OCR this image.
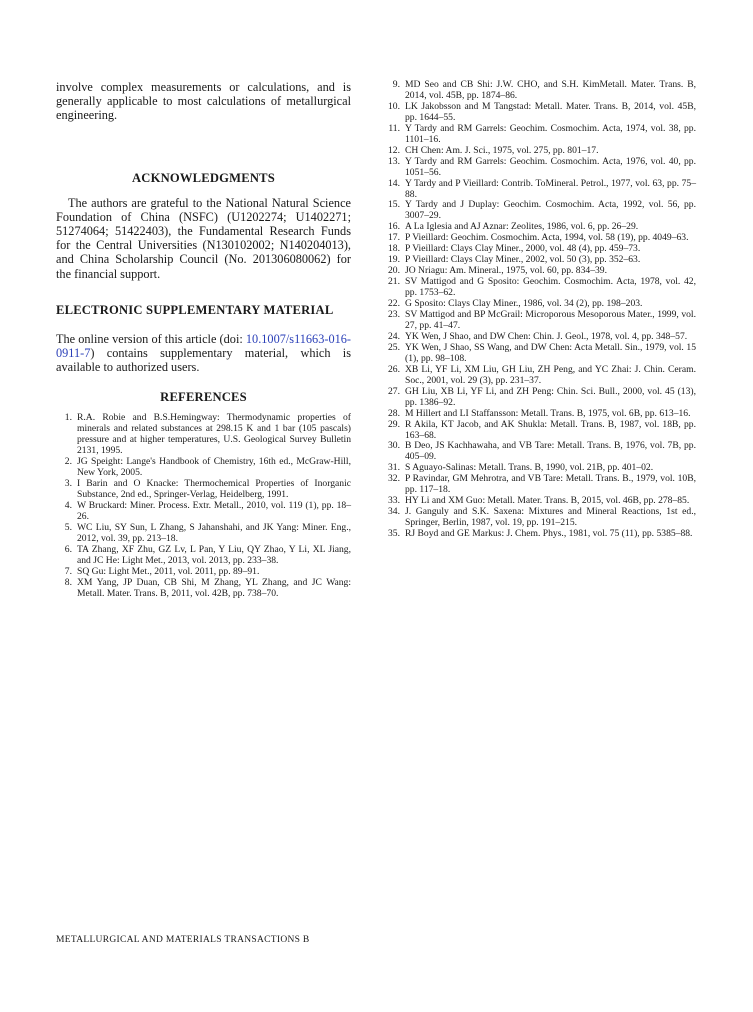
involve complex measurements or calculations, and is generally applicable to most calculations of metallurgical engineering.

ACKNOWLEDGMENTS

The authors are grateful to the National Natural Science Foundation of China (NSFC) (U1202274; U1402271; 51274064; 51422403), the Fundamental Research Funds for the Central Universities (N130102002; N140204013), and China Scholarship Council (No. 201306080062) for the financial support.

ELECTRONIC SUPPLEMENTARY MATERIAL

The online version of this article (doi: 10.1007/s11663-016-0911-7) contains supplementary material, which is available to authorized users.

REFERENCES
1. R.A. Robie and B.S.Hemingway: Thermodynamic properties of minerals and related substances at 298.15 K and 1 bar (105 pascals) pressure and at higher temperatures, U.S. Geological Survey Bulletin 2131, 1995.
2. JG Speight: Lange's Handbook of Chemistry, 16th ed., McGraw-Hill, New York, 2005.
3. I Barin and O Knacke: Thermochemical Properties of Inorganic Substance, 2nd ed., Springer-Verlag, Heidelberg, 1991.
4. W Bruckard: Miner. Process. Extr. Metall., 2010, vol. 119 (1), pp. 18–26.
5. WC Liu, SY Sun, L Zhang, S Jahanshahi, and JK Yang: Miner. Eng., 2012, vol. 39, pp. 213–18.
6. TA Zhang, XF Zhu, GZ Lv, L Pan, Y Liu, QY Zhao, Y Li, XL Jiang, and JC He: Light Met., 2013, vol. 2013, pp. 233–38.
7. SQ Gu: Light Met., 2011, vol. 2011, pp. 89–91.
8. XM Yang, JP Duan, CB Shi, M Zhang, YL Zhang, and JC Wang: Metall. Mater. Trans. B, 2011, vol. 42B, pp. 738–70.
9. MD Seo and CB Shi: J.W. CHO, and S.H. KimMetall. Mater. Trans. B, 2014, vol. 45B, pp. 1874–86.
10. LK Jakobsson and M Tangstad: Metall. Mater. Trans. B, 2014, vol. 45B, pp. 1644–55.
11. Y Tardy and RM Garrels: Geochim. Cosmochim. Acta, 1974, vol. 38, pp. 1101–16.
12. CH Chen: Am. J. Sci., 1975, vol. 275, pp. 801–17.
13. Y Tardy and RM Garrels: Geochim. Cosmochim. Acta, 1976, vol. 40, pp. 1051–56.
14. Y Tardy and P Vieillard: Contrib. ToMineral. Petrol., 1977, vol. 63, pp. 75–88.
15. Y Tardy and J Duplay: Geochim. Cosmochim. Acta, 1992, vol. 56, pp. 3007–29.
16. A La Iglesia and AJ Aznar: Zeolites, 1986, vol. 6, pp. 26–29.
17. P Vieillard: Geochim. Cosmochim. Acta, 1994, vol. 58 (19), pp. 4049–63.
18. P Vieillard: Clays Clay Miner., 2000, vol. 48 (4), pp. 459–73.
19. P Vieillard: Clays Clay Miner., 2002, vol. 50 (3), pp. 352–63.
20. JO Nriagu: Am. Mineral., 1975, vol. 60, pp. 834–39.
21. SV Mattigod and G Sposito: Geochim. Cosmochim. Acta, 1978, vol. 42, pp. 1753–62.
22. G Sposito: Clays Clay Miner., 1986, vol. 34 (2), pp. 198–203.
23. SV Mattigod and BP McGrail: Microporous Mesoporous Mater., 1999, vol. 27, pp. 41–47.
24. YK Wen, J Shao, and DW Chen: Chin. J. Geol., 1978, vol. 4, pp. 348–57.
25. YK Wen, J Shao, SS Wang, and DW Chen: Acta Metall. Sin., 1979, vol. 15 (1), pp. 98–108.
26. XB Li, YF Li, XM Liu, GH Liu, ZH Peng, and YC Zhai: J. Chin. Ceram. Soc., 2001, vol. 29 (3), pp. 231–37.
27. GH Liu, XB Li, YF Li, and ZH Peng: Chin. Sci. Bull., 2000, vol. 45 (13), pp. 1386–92.
28. M Hillert and LI Staffansson: Metall. Trans. B, 1975, vol. 6B, pp. 613–16.
29. R Akila, KT Jacob, and AK Shukla: Metall. Trans. B, 1987, vol. 18B, pp. 163–68.
30. B Deo, JS Kachhawaha, and VB Tare: Metall. Trans. B, 1976, vol. 7B, pp. 405–09.
31. S Aguayo-Salinas: Metall. Trans. B, 1990, vol. 21B, pp. 401–02.
32. P Ravindar, GM Mehrotra, and VB Tare: Metall. Trans. B., 1979, vol. 10B, pp. 117–18.
33. HY Li and XM Guo: Metall. Mater. Trans. B, 2015, vol. 46B, pp. 278–85.
34. J. Ganguly and S.K. Saxena: Mixtures and Mineral Reactions, 1st ed., Springer, Berlin, 1987, vol. 19, pp. 191–215.
35. RJ Boyd and GE Markus: J. Chem. Phys., 1981, vol. 75 (11), pp. 5385–88.
METALLURGICAL AND MATERIALS TRANSACTIONS B
